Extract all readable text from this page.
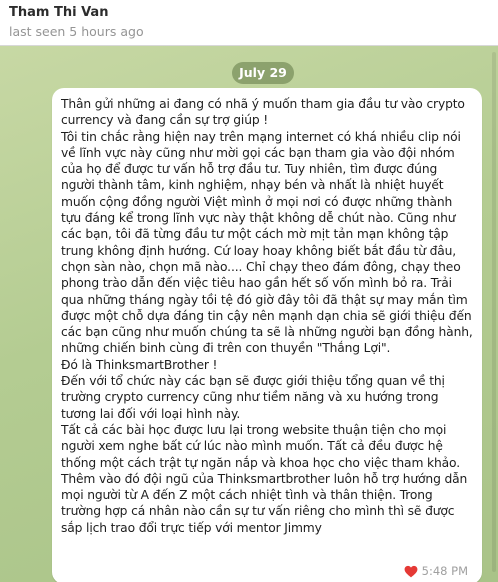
Tham Thi Van
last seen 5 hours ago
July 29

Thân gửi những ai đang có nhã ý muốn tham gia đầu tư vào crypto currency và đang cần sự trợ giúp !
Tôi tin chắc rằng hiện nay trên mạng internet có khá nhiều clip nói về lĩnh vực này cũng như mời gọi các bạn tham gia vào đội nhóm của họ để được tư vấn hỗ trợ đầu tư. Tuy nhiên, tìm được đúng người thành tâm, kinh nghiệm, nhạy bén và nhất là nhiệt huyết muốn cộng đồng người Việt mình ở mọi nơi có được những thành tựu đáng kể trong lĩnh vực này thật không dễ chút nào. Cũng như các bạn, tôi đã từng đầu tư một cách mờ mịt tản mạn không tập trung không định hướng. Cứ loay hoay không biết bắt đầu từ đâu, chọn sàn nào, chọn mã nào.... Chỉ chạy theo đám đông, chạy theo phong trào dẫn đến việc tiêu hao gần hết số vốn mình bỏ ra. Trải qua những tháng ngày tồi tệ đó giờ đây tôi đã thật sự may mắn tìm được một chỗ dựa đáng tin cậy nên mạnh dạn chia sẽ giới thiệu đến các bạn cũng như muốn chúng ta sẽ là những người bạn đồng hành, những chiến binh cùng đi trên con thuyền "Thắng Lợi".
Đó là ThinksmartBrother !
Đến với tổ chức này các bạn sẽ được giới thiệu tổng quan về thị trường crypto currency cũng như tiềm năng và xu hướng trong tương lai đối với loại hình này.
Tất cả các bài học được lưu lại trong website thuận tiện cho mọi người xem nghe bất cứ lúc nào mình muốn. Tất cả đều được hệ thống một cách trật tự ngăn nắp và khoa học cho việc tham khảo. Thêm vào đó đội ngũ của Thinksmartbrother luôn hỗ trợ hướng dẫn mọi người từ A đến Z một cách nhiệt tình và thân thiện. Trong trường hợp cá nhân nào cần sự tư vấn riêng cho mình thì sẽ được sắp lịch trao đổi trực tiếp với mentor Jimmy

5:48 PM
